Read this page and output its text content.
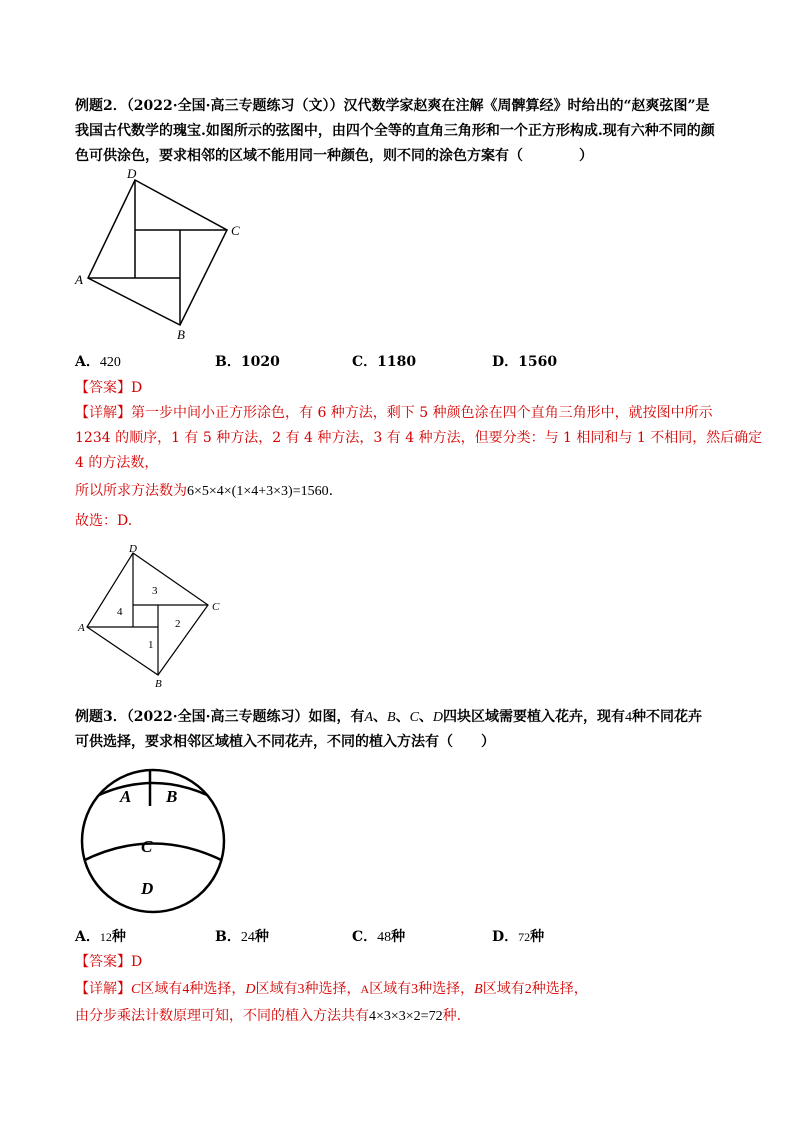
例题2．（2022·全国·高三专题练习（文））汉代数学家赵爽在注解《周髀算经》时给出的“赵爽弦图”是
我国古代数学的瑰宝.如图所示的弦图中，由四个全等的直角三角形和一个正方形构成.现有六种不同的颜
色可供涂色，要求相邻的区域不能用同一种颜色，则不同的涂色方案有（　　　　）
D
C
A
B
A．420	B．1020	C．1180	D．1560
【答案】D
【详解】第一步中间小正方形涂色，有 6 种方法，剩下 5 种颜色涂在四个直角三角形中，就按图中所示
1234 的顺序，1 有 5 种方法，2 有 4 种方法，3 有 4 种方法，但要分类：与 1 相同和与 1 不相同，然后确定
4 的方法数，
所以所求方法数为6×5×4×(1×4+3×3)=1560.
故选：D.
D
C
A
B
1
2
3
4
例题3．（2022·全国·高三专题练习）如图，有A、B、C、D四块区域需要植入花卉，现有4种不同花卉
可供选择，要求相邻区域植入不同花卉，不同的植入方法有（　　）
A B
C
D
A．12种	B．24种	C．48种	D．72种
【答案】D
【详解】C区域有4种选择，D区域有3种选择，A区域有3种选择，B区域有2种选择，
由分步乘法计数原理可知，不同的植入方法共有4×3×3×2=72种.
